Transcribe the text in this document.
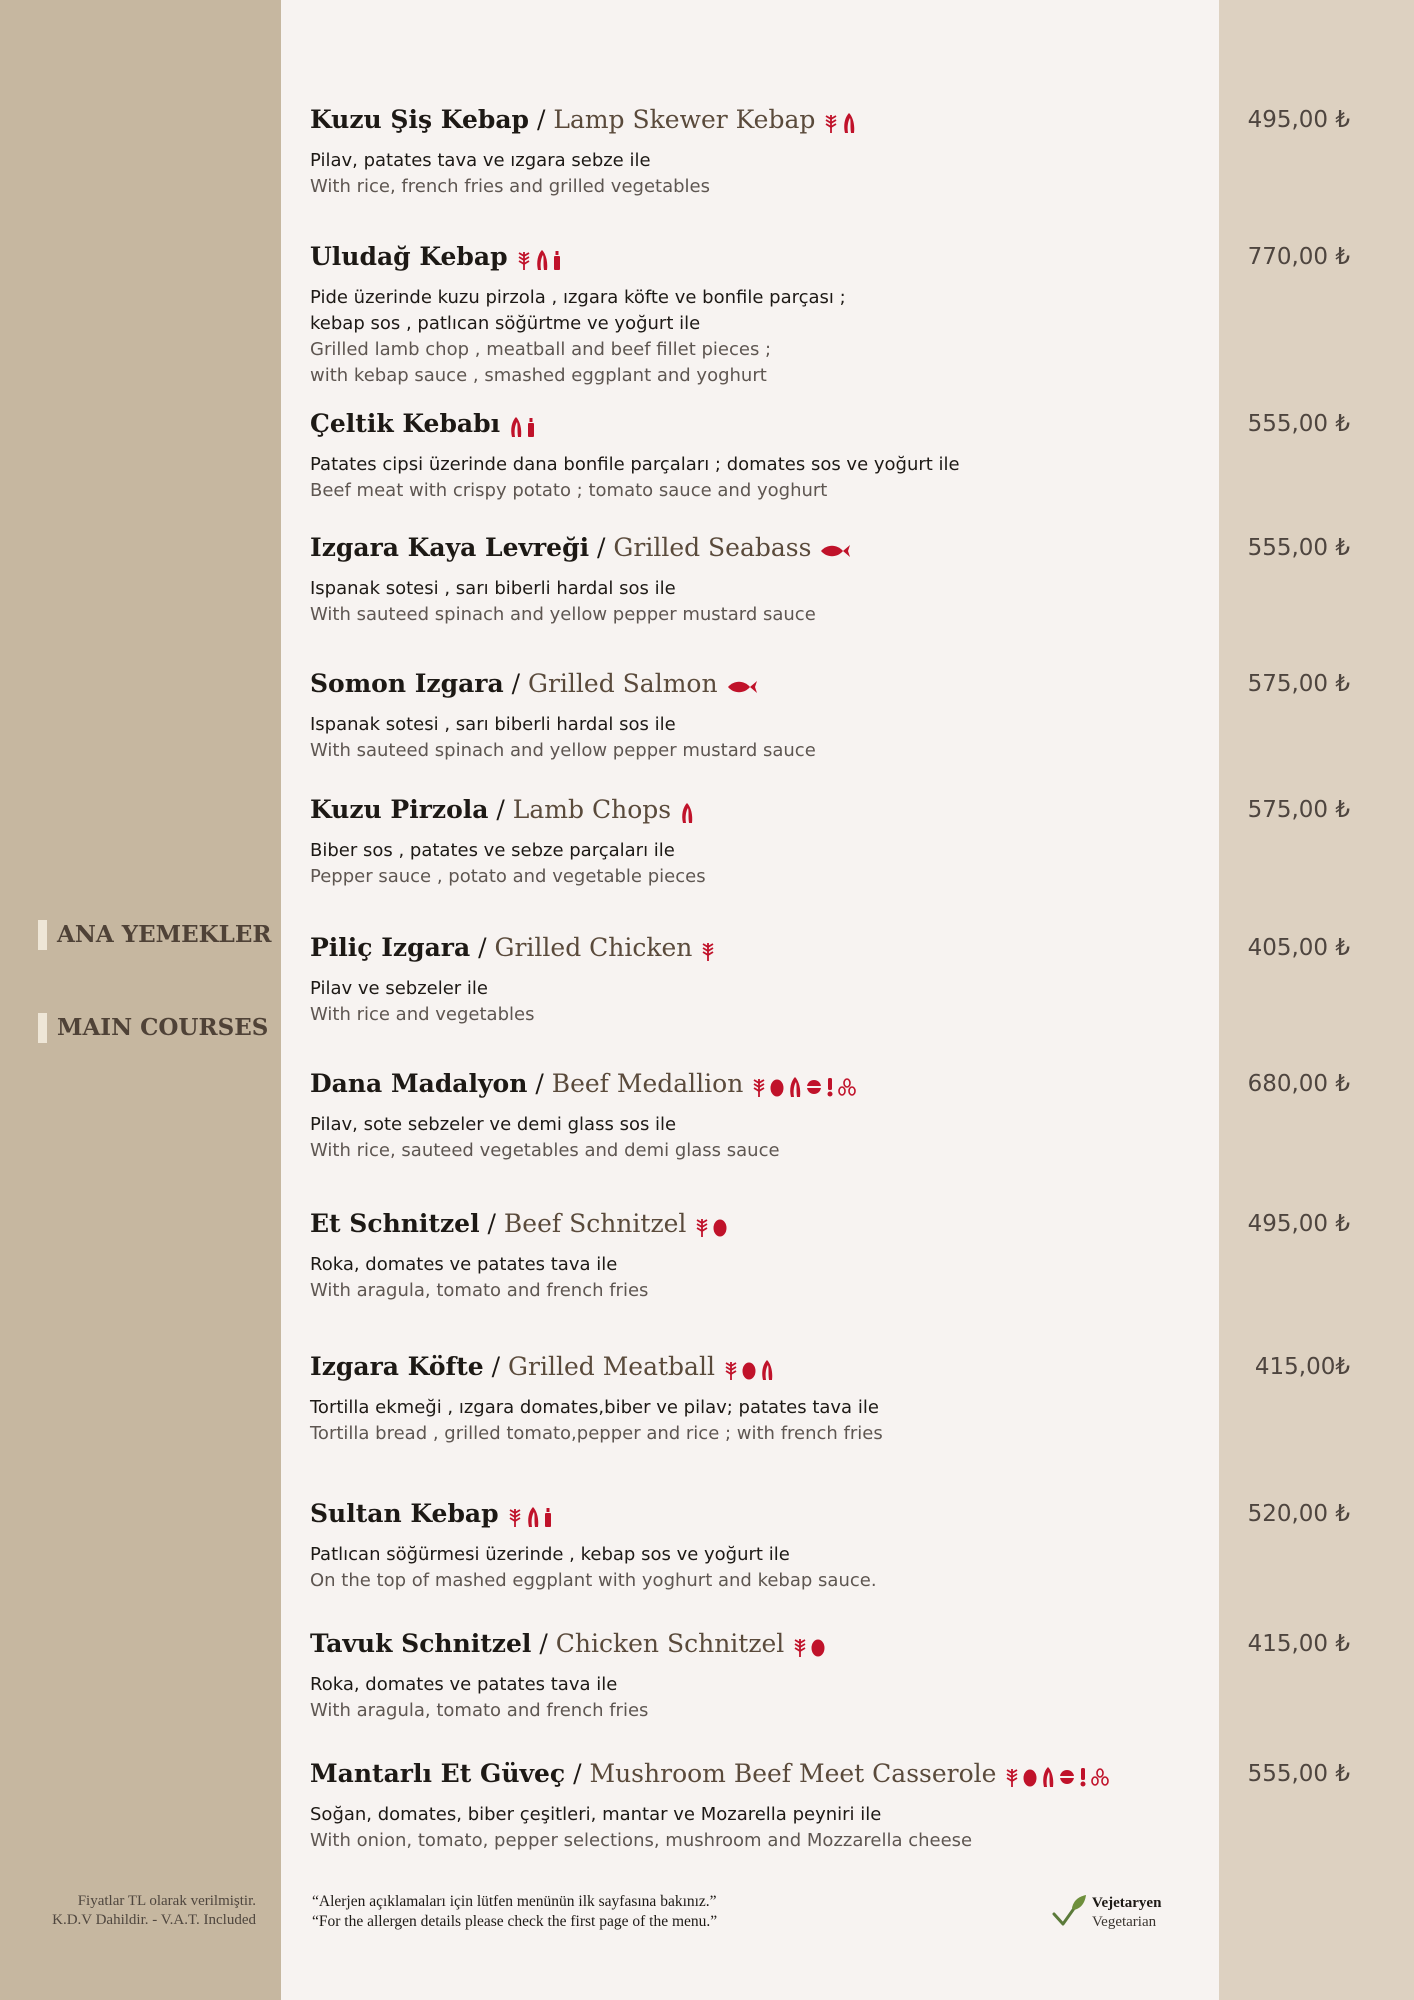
ANA YEMEKLER
MAIN COURSES
Kuzu Şiş Kebap / Lamp Skewer Kebap
Pilav, patates tava ve ızgara sebze ile
With rice, french fries and grilled vegetables
495,00 ₺
Uludağ Kebap
Pide üzerinde kuzu pirzola , ızgara köfte ve bonfile parçası ;
kebap sos , patlıcan söğürtme ve yoğurt ile
Grilled lamb chop , meatball and beef fillet pieces ;
with kebap sauce , smashed eggplant and yoghurt
770,00 ₺
Çeltik Kebabı
Patates cipsi üzerinde dana bonfile parçaları ; domates sos ve yoğurt ile
Beef meat with crispy potato ; tomato sauce and yoghurt
555,00 ₺
Izgara Kaya Levreği / Grilled Seabass
Ispanak sotesi , sarı biberli hardal sos ile
With sauteed spinach and yellow pepper mustard sauce
555,00 ₺
Somon Izgara / Grilled Salmon
Ispanak sotesi , sarı biberli hardal sos ile
With sauteed spinach and yellow pepper mustard sauce
575,00 ₺
Kuzu Pirzola / Lamb Chops
Biber sos , patates ve sebze parçaları ile
Pepper sauce , potato and vegetable pieces
575,00 ₺
Piliç Izgara / Grilled Chicken
Pilav ve sebzeler ile
With rice and vegetables
405,00 ₺
Dana Madalyon / Beef Medallion
Pilav, sote sebzeler ve demi glass sos ile
With rice, sauteed vegetables and demi glass sauce
680,00 ₺
Et Schnitzel / Beef Schnitzel
Roka, domates ve patates tava ile
With aragula, tomato and french fries
495,00 ₺
Izgara Köfte / Grilled Meatball
Tortilla ekmeği , ızgara domates,biber ve pilav; patates tava ile
Tortilla bread , grilled tomato,pepper and rice ; with french fries
415,00₺
Sultan Kebap
Patlıcan söğürmesi üzerinde , kebap sos ve yoğurt ile
On the top of mashed eggplant with yoghurt and kebap sauce.
520,00 ₺
Tavuk Schnitzel / Chicken Schnitzel
Roka, domates ve patates tava ile
With aragula, tomato and french fries
415,00 ₺
Mantarlı Et Güveç / Mushroom Beef Meet Casserole
Soğan, domates, biber çeşitleri, mantar ve Mozarella peyniri ile
With onion, tomato, pepper selections, mushroom and Mozzarella cheese
555,00 ₺
Fiyatlar TL olarak verilmiştir.
K.D.V Dahildir. - V.A.T. Included
“Alerjen açıklamaları için lütfen menünün ilk sayfasına bakınız.”
“For the allergen details please check the first page of the menu.”
Vejetaryen
Vegetarian
